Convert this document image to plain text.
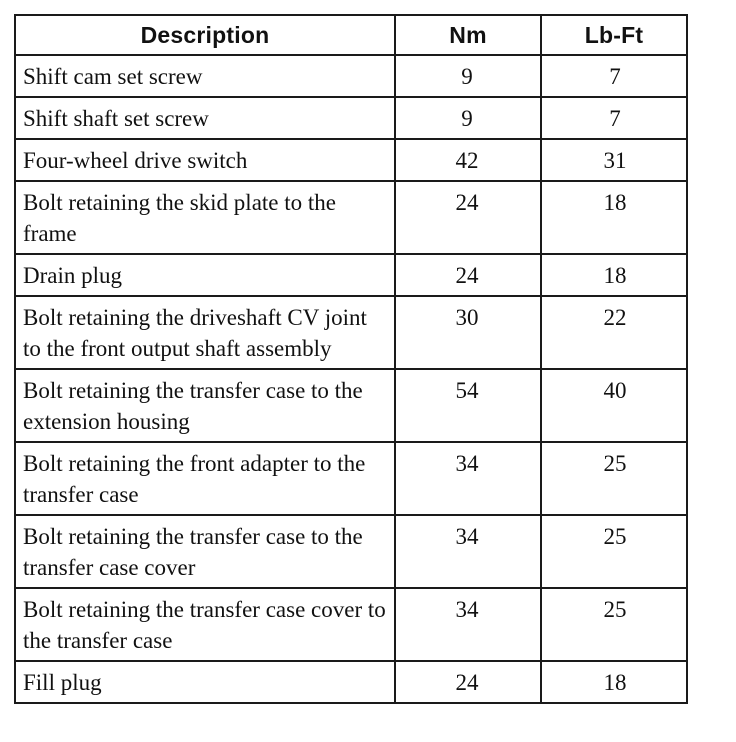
Description	Nm	Lb-Ft
Shift cam set screw	9	7
Shift shaft set screw	9	7
Four-wheel drive switch	42	31
Bolt retaining the skid plate to the frame	24	18
Drain plug	24	18
Bolt retaining the driveshaft CV joint to the front output shaft assembly	30	22
Bolt retaining the transfer case to the extension housing	54	40
Bolt retaining the front adapter to the transfer case	34	25
Bolt retaining the transfer case to the transfer case cover	34	25
Bolt retaining the transfer case cover to the transfer case	34	25
Fill plug	24	18
